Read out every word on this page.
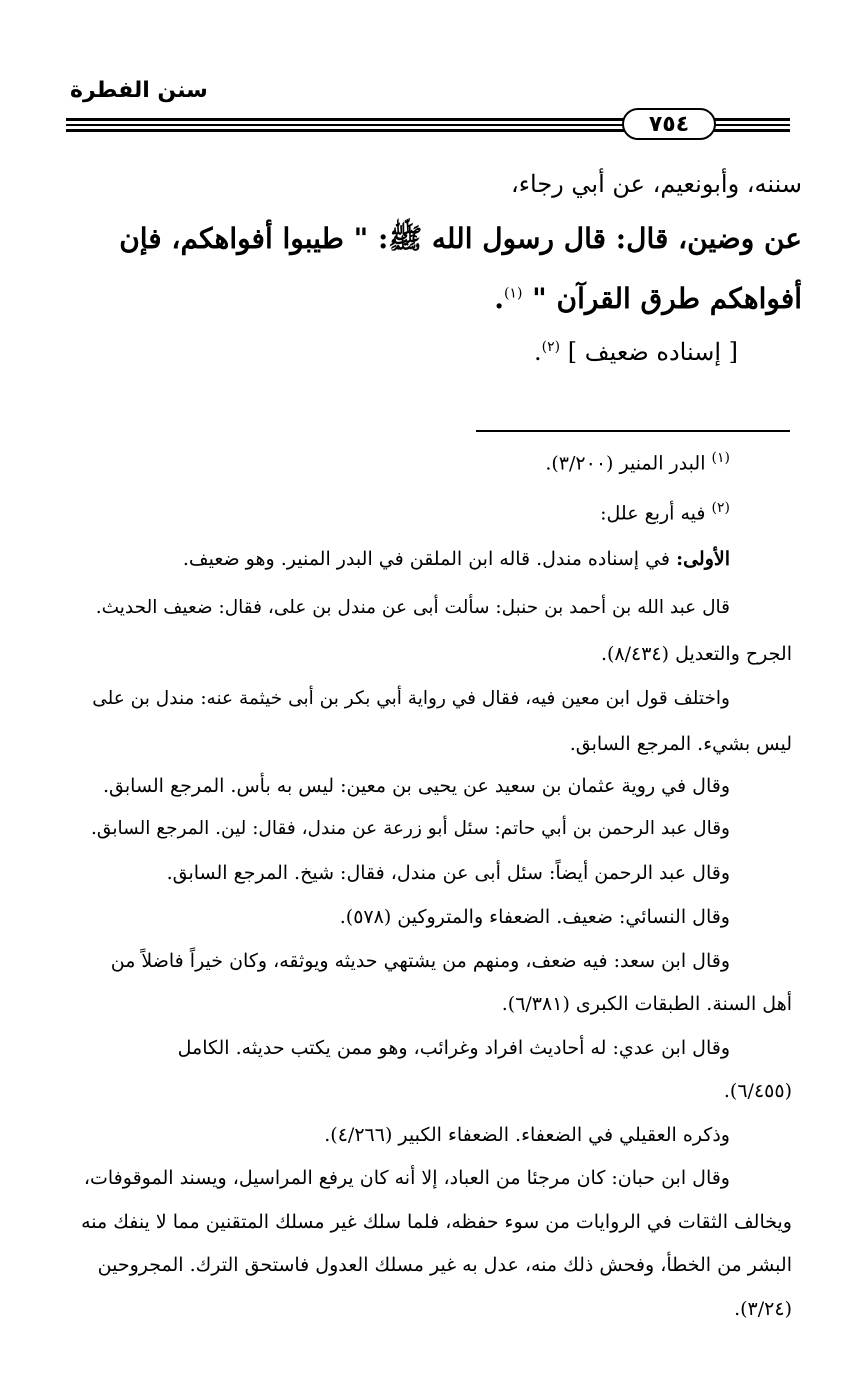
سنن الفطرة
٧٥٤
سننه، وأبونعيم، عن أبي رجاء،
عن وضين، قال: قال رسول الله ﷺ: " طيبوا أفواهكم، فإن
أفواهكم طرق القرآن " $^{(١)}$.
[ إسناده ضعيف ] $^{(٢)}$.
$^{(١)}$ البدر المنير (٣/٢٠٠).
$^{(٢)}$ فيه أربع علل:
الأولى: في إسناده مندل. قاله ابن الملقن في البدر المنير. وهو ضعيف.
قال عبد الله بن أحمد بن حنبل: سألت أبى عن مندل بن على، فقال: ضعيف الحديث.
الجرح والتعديل (٨/٤٣٤).
واختلف قول ابن معين فيه، فقال في رواية أبي بكر بن أبى خيثمة عنه: مندل بن على
ليس بشيء. المرجع السابق.
وقال في روية عثمان بن سعيد عن يحيى بن معين: ليس به بأس. المرجع السابق.
وقال عبد الرحمن بن أبي حاتم: سئل أبو زرعة عن مندل، فقال: لين. المرجع السابق.
وقال عبد الرحمن أيضاً: سئل أبى عن مندل، فقال: شيخ. المرجع السابق.
وقال النسائي: ضعيف. الضعفاء والمتروكين (٥٧٨).
وقال ابن سعد: فيه ضعف، ومنهم من يشتهي حديثه ويوثقه، وكان خيراً فاضلاً من
أهل السنة. الطبقات الكبرى (٦/٣٨١).
وقال ابن عدي: له أحاديث افراد وغرائب، وهو ممن يكتب حديثه. الكامل
(٦/٤٥٥).
وذكره العقيلي في الضعفاء. الضعفاء الكبير (٤/٢٦٦).
وقال ابن حبان: كان مرجئا من العباد، إلا أنه كان يرفع المراسيل، ويسند الموقوفات،
ويخالف الثقات في الروايات من سوء حفظه، فلما سلك غير مسلك المتقنين مما لا ينفك منه
البشر من الخطأ، وفحش ذلك منه، عدل به غير مسلك العدول فاستحق الترك. المجروحين
(٣/٢٤).
